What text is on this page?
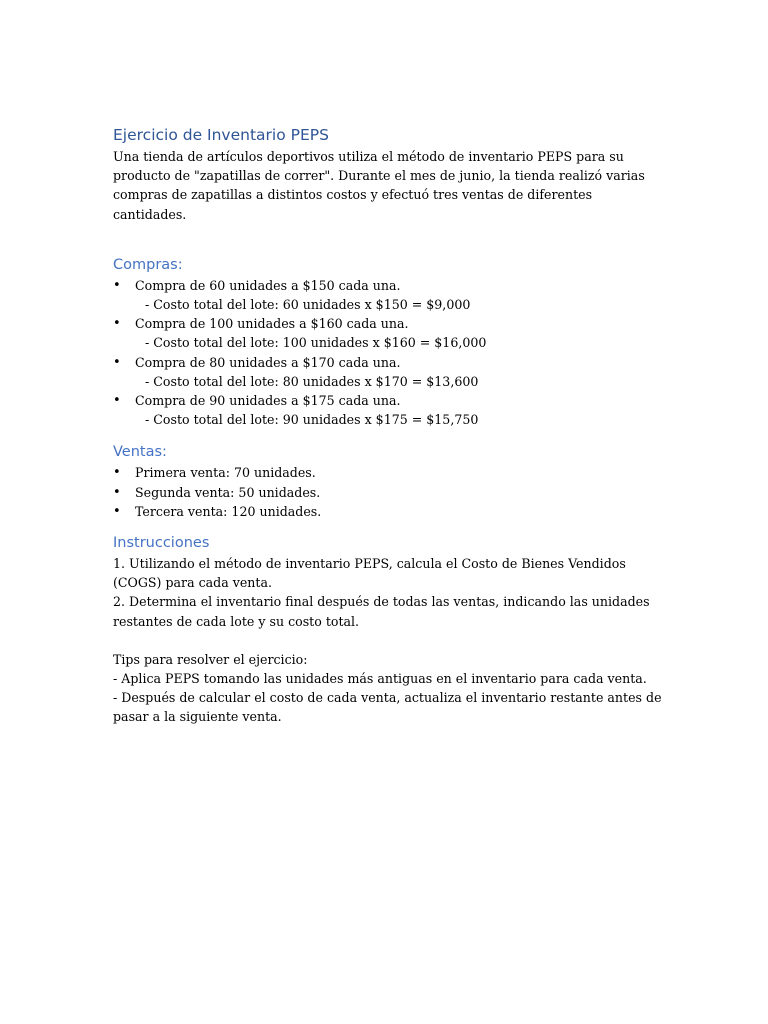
Ejercicio de Inventario PEPS

Una tienda de artículos deportivos utiliza el método de inventario PEPS para su producto de "zapatillas de correr". Durante el mes de junio, la tienda realizó varias compras de zapatillas a distintos costos y efectuó tres ventas de diferentes cantidades.

Compras:
•	Compra de 60 unidades a $150 cada una.
- Costo total del lote: 60 unidades x $150 = $9,000
•	Compra de 100 unidades a $160 cada una.
- Costo total del lote: 100 unidades x $160 = $16,000
•	Compra de 80 unidades a $170 cada una.
- Costo total del lote: 80 unidades x $170 = $13,600
•	Compra de 90 unidades a $175 cada una.
- Costo total del lote: 90 unidades x $175 = $15,750
Ventas:
•	Primera venta: 70 unidades.
•	Segunda venta: 50 unidades.
•	Tercera venta: 120 unidades.
Instrucciones

1. Utilizando el método de inventario PEPS, calcula el Costo de Bienes Vendidos (COGS) para cada venta.

2. Determina el inventario final después de todas las ventas, indicando las unidades restantes de cada lote y su costo total.

Tips para resolver el ejercicio:

- Aplica PEPS tomando las unidades más antiguas en el inventario para cada venta.

- Después de calcular el costo de cada venta, actualiza el inventario restante antes de pasar a la siguiente venta.
